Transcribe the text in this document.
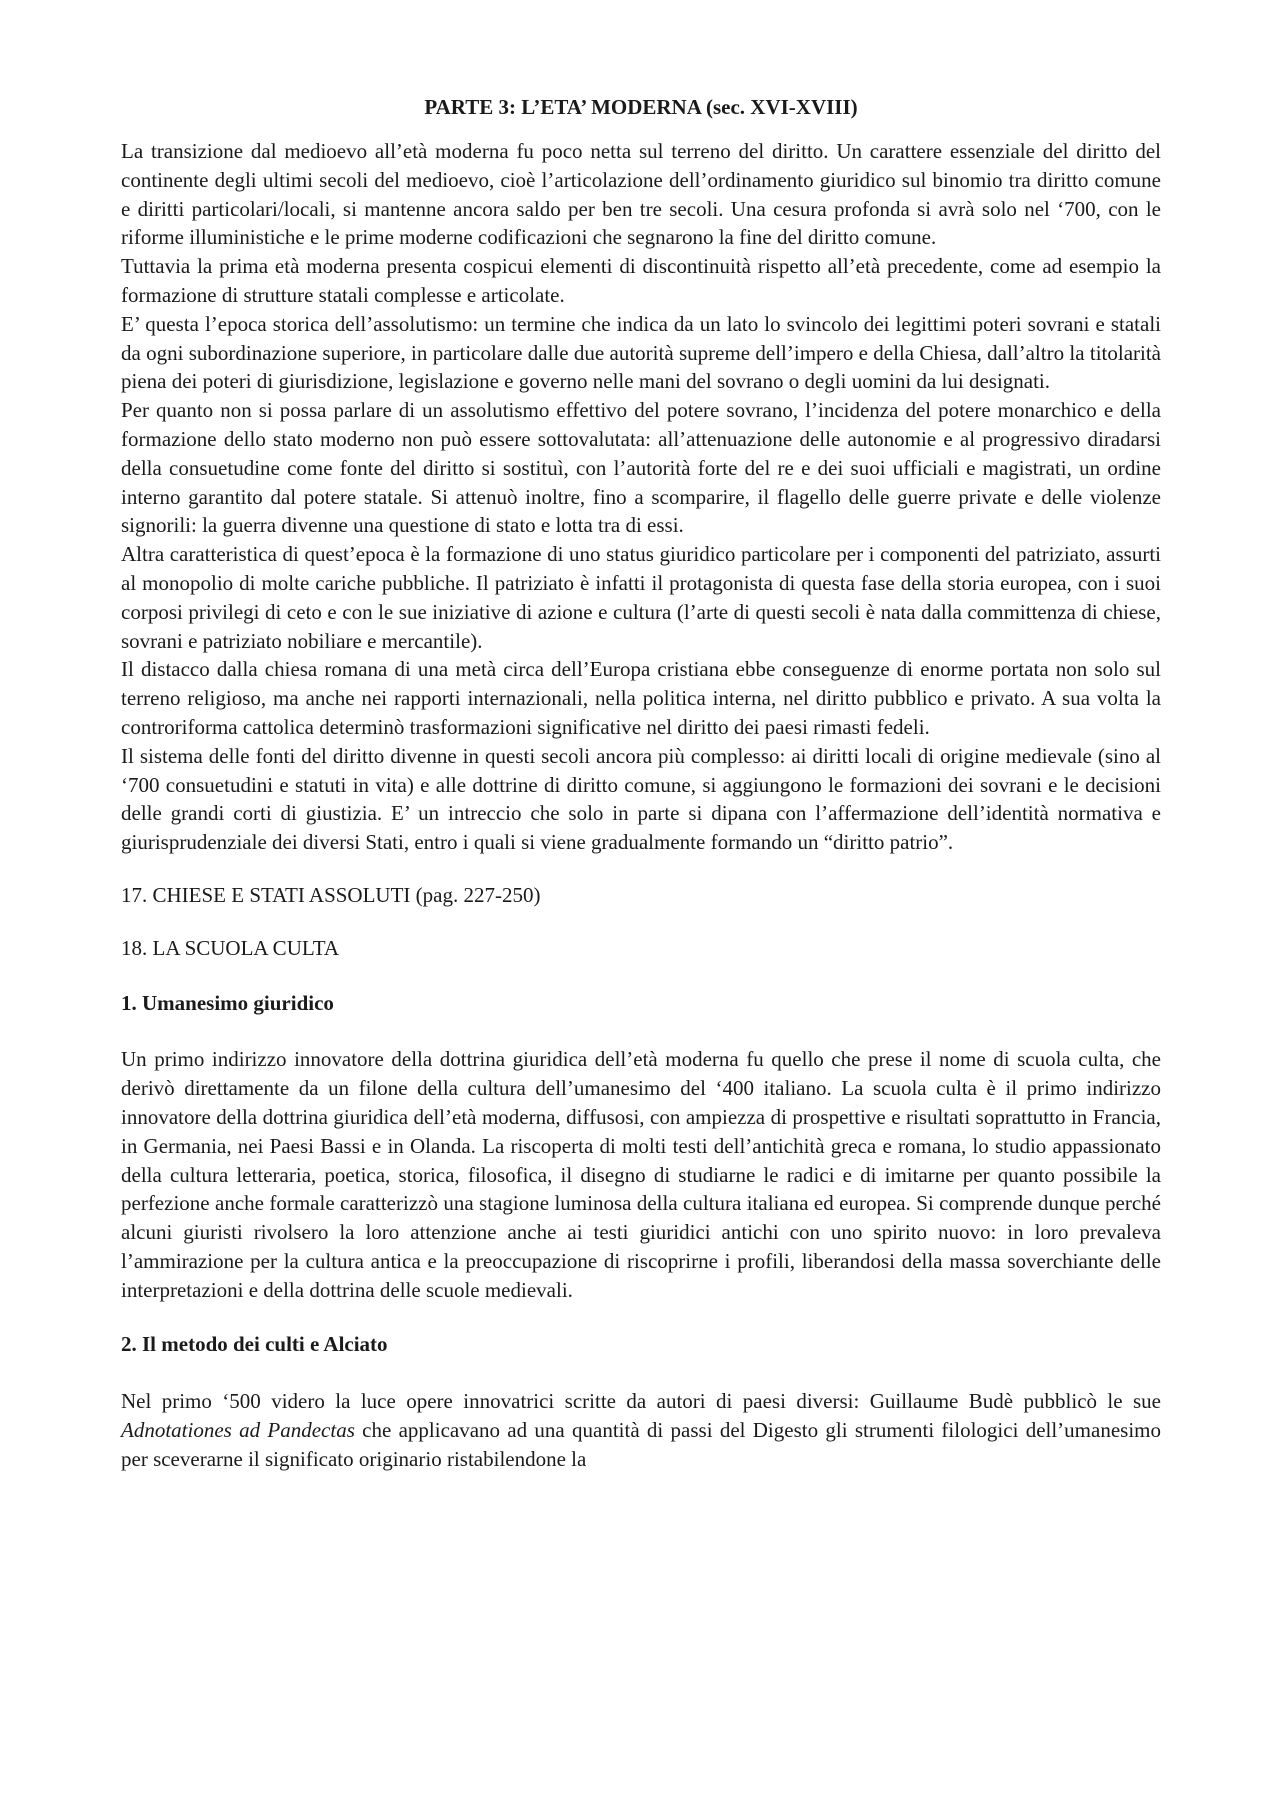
PARTE 3: L’ETA’ MODERNA (sec. XVI-XVIII)

La transizione dal medioevo all’età moderna fu poco netta sul terreno del diritto. Un carattere essenziale del diritto del continente degli ultimi secoli del medioevo, cioè l’articolazione dell’ordinamento giuridico sul binomio tra diritto comune e diritti particolari/locali, si mantenne ancora saldo per ben tre secoli. Una cesura profonda si avrà solo nel ‘700, con le riforme illuministiche e le prime moderne codificazioni che segnarono la fine del diritto comune.

Tuttavia la prima età moderna presenta cospicui elementi di discontinuità rispetto all’età precedente, come ad esempio la formazione di strutture statali complesse e articolate.

E’ questa l’epoca storica dell’assolutismo: un termine che indica da un lato lo svincolo dei legittimi poteri sovrani e statali da ogni subordinazione superiore, in particolare dalle due autorità supreme dell’impero e della Chiesa, dall’altro la titolarità piena dei poteri di giurisdizione, legislazione e governo nelle mani del sovrano o degli uomini da lui designati.

Per quanto non si possa parlare di un assolutismo effettivo del potere sovrano, l’incidenza del potere monarchico e della formazione dello stato moderno non può essere sottovalutata: all’attenuazione delle autonomie e al progressivo diradarsi della consuetudine come fonte del diritto si sostituì, con l’autorità forte del re e dei suoi ufficiali e magistrati, un ordine interno garantito dal potere statale. Si attenuò inoltre, fino a scomparire, il flagello delle guerre private e delle violenze signorili: la guerra divenne una questione di stato e lotta tra di essi.

Altra caratteristica di quest’epoca è la formazione di uno status giuridico particolare per i componenti del patriziato, assurti al monopolio di molte cariche pubbliche. Il patriziato è infatti il protagonista di questa fase della storia europea, con i suoi corposi privilegi di ceto e con le sue iniziative di azione e cultura (l’arte di questi secoli è nata dalla committenza di chiese, sovrani e patriziato nobiliare e mercantile).

Il distacco dalla chiesa romana di una metà circa dell’Europa cristiana ebbe conseguenze di enorme portata non solo sul terreno religioso, ma anche nei rapporti internazionali, nella politica interna, nel diritto pubblico e privato. A sua volta la controriforma cattolica determinò trasformazioni significative nel diritto dei paesi rimasti fedeli.

Il sistema delle fonti del diritto divenne in questi secoli ancora più complesso: ai diritti locali di origine medievale (sino al ‘700 consuetudini e statuti in vita) e alle dottrine di diritto comune, si aggiungono le formazioni dei sovrani e le decisioni delle grandi corti di giustizia. E’ un intreccio che solo in parte si dipana con l’affermazione dell’identità normativa e giurisprudenziale dei diversi Stati, entro i quali si viene gradualmente formando un “diritto patrio”.

17. CHIESE E STATI ASSOLUTI (pag. 227-250)

18. LA SCUOLA CULTA

1. Umanesimo giuridico

Un primo indirizzo innovatore della dottrina giuridica dell’età moderna fu quello che prese il nome di scuola culta, che derivò direttamente da un filone della cultura dell’umanesimo del ‘400 italiano. La scuola culta è il primo indirizzo innovatore della dottrina giuridica dell’età moderna, diffusosi, con ampiezza di prospettive e risultati soprattutto in Francia, in Germania, nei Paesi Bassi e in Olanda. La riscoperta di molti testi dell’antichità greca e romana, lo studio appassionato della cultura letteraria, poetica, storica, filosofica, il disegno di studiarne le radici e di imitarne per quanto possibile la perfezione anche formale caratterizzò una stagione luminosa della cultura italiana ed europea. Si comprende dunque perché alcuni giuristi rivolsero la loro attenzione anche ai testi giuridici antichi con uno spirito nuovo: in loro prevaleva l’ammirazione per la cultura antica e la preoccupazione di riscoprirne i profili, liberandosi della massa soverchiante delle interpretazioni e della dottrina delle scuole medievali.

2. Il metodo dei culti e Alciato

Nel primo ‘500 videro la luce opere innovatrici scritte da autori di paesi diversi: Guillaume Budè pubblicò le sue Adnotationes ad Pandectas che applicavano ad una quantità di passi del Digesto gli strumenti filologici dell’umanesimo per sceverarne il significato originario ristabilendone la
